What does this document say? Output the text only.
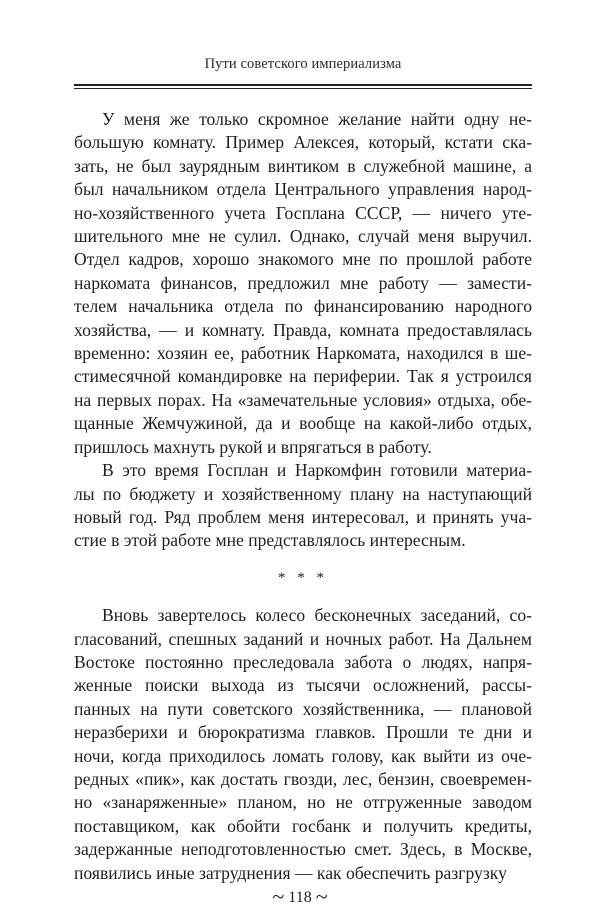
Пути советского империализма
У меня же только скромное желание найти одну не-
большую комнату. Пример Алексея, который, кстати ска-
зать, не был заурядным винтиком в служебной машине, а
был начальником отдела Центрального управления народ-
но-хозяйственного учета Госплана СССР, — ничего уте-
шительного мне не сулил. Однако, случай меня выручил.
Отдел кадров, хорошо знакомого мне по прошлой работе
наркомата финансов, предложил мне работу — замести-
телем начальника отдела по финансированию народного
хозяйства, — и комнату. Правда, комната предоставлялась
временно: хозяин ее, работник Наркомата, находился в ше-
стимесячной командировке на периферии. Так я устроился
на первых порах. На «замечательные условия» отдыха, обе-
щанные Жемчужиной, да и вообще на какой-либо отдых,
пришлось махнуть рукой и впрягаться в работу.
В это время Госплан и Наркомфин готовили материа-
лы по бюджету и хозяйственному плану на наступающий
новый год. Ряд проблем меня интересовал, и принять уча-
стие в этой работе мне представлялось интересным.
* * *
Вновь завертелось колесо бесконечных заседаний, со-
гласований, спешных заданий и ночных работ. На Дальнем
Востоке постоянно преследовала забота о людях, напря-
женные поиски выхода из тысячи осложнений, рассы-
панных на пути советского хозяйственника, — плановой
неразберихи и бюрократизма главков. Прошли те дни и
ночи, когда приходилось ломать голову, как выйти из оче-
редных «пик», как достать гвозди, лес, бензин, своевремен-
но «занаряженные» планом, но не отгруженные заводом
поставщиком, как обойти госбанк и получить кредиты,
задержанные неподготовленностью смет. Здесь, в Москве,
появились иные затруднения — как обеспечить разгрузку
~ 118 ~
